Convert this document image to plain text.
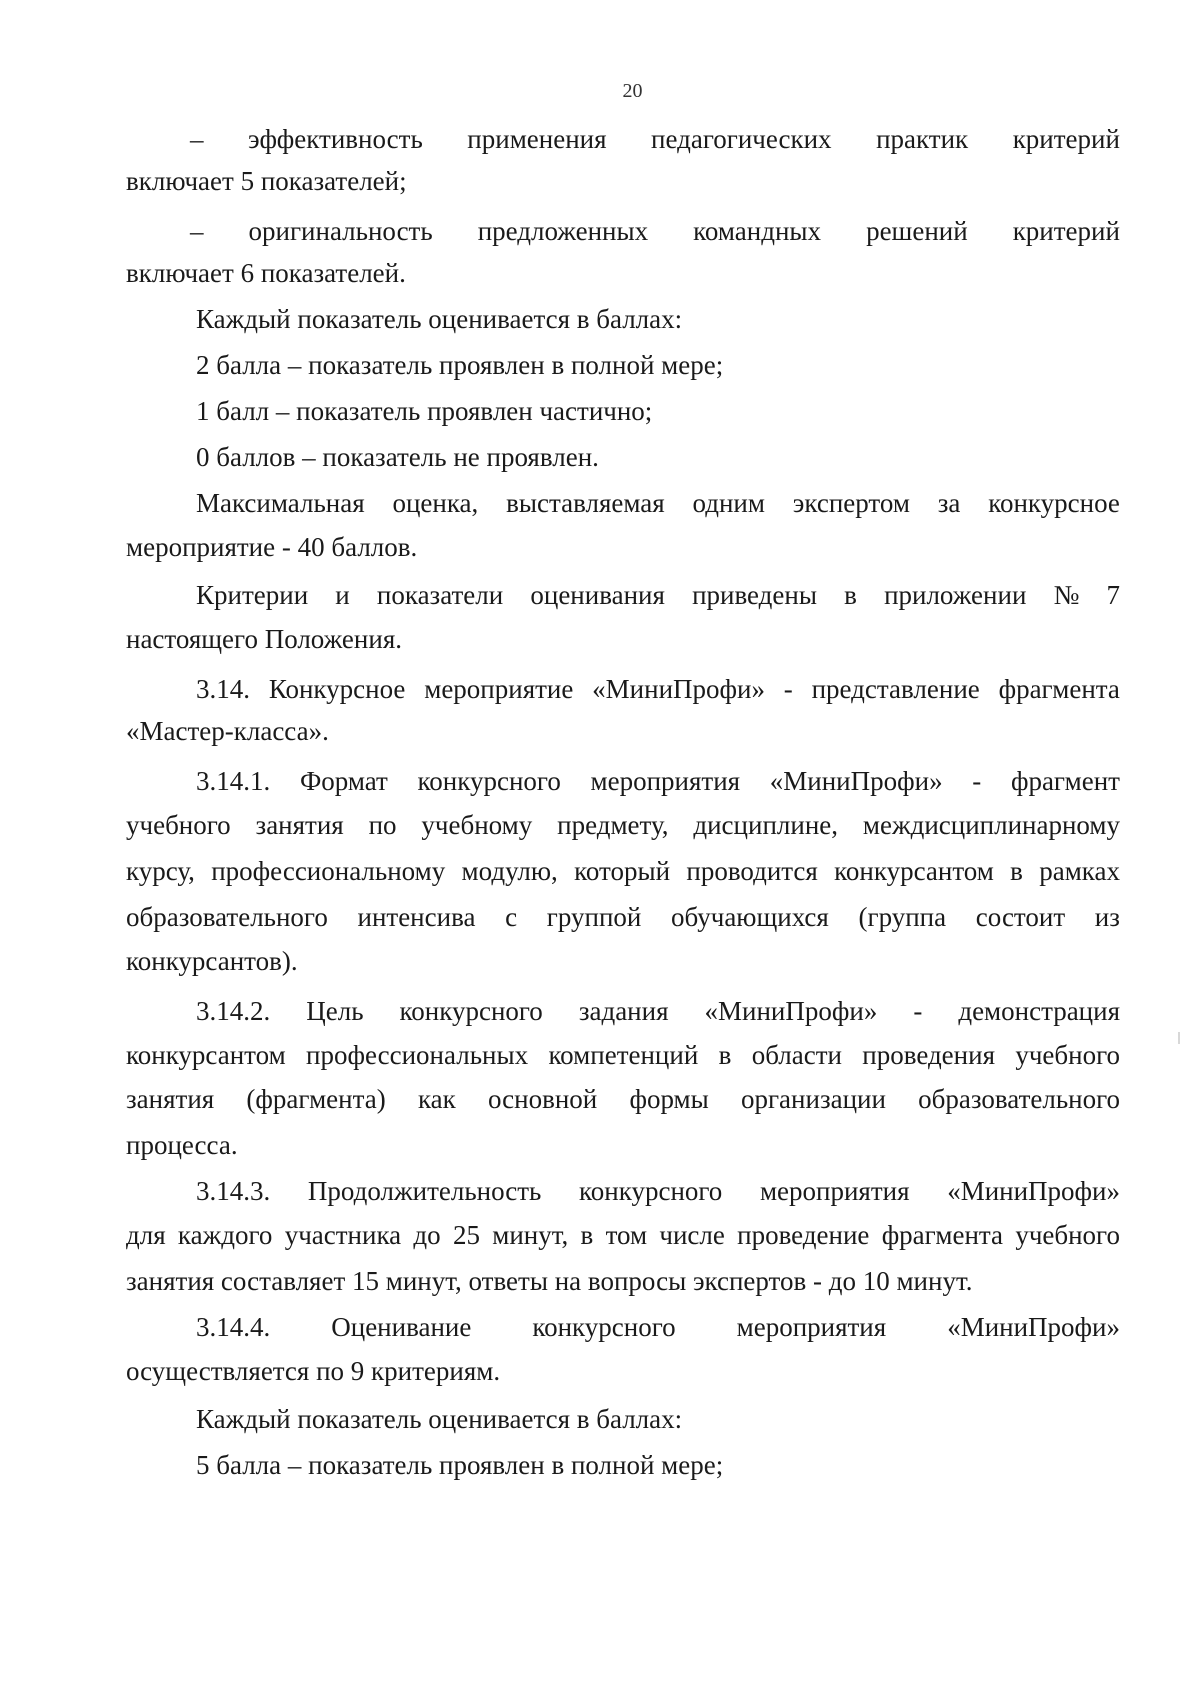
20
– эффективность применения педагогических практик критерий
включает 5 показателей;
– оригинальность предложенных командных решений критерий
включает 6 показателей.
Каждый показатель оценивается в баллах:
2 балла – показатель проявлен в полной мере;
1 балл – показатель проявлен частично;
0 баллов – показатель не проявлен.
Максимальная оценка, выставляемая одним экспертом за конкурсное
мероприятие - 40 баллов.
Критерии и показатели оценивания приведены в приложении № 7
настоящего Положения.
3.14. Конкурсное мероприятие «МиниПрофи» - представление фрагмента
«Мастер-класса».
3.14.1. Формат конкурсного мероприятия «МиниПрофи» - фрагмент
учебного занятия по учебному предмету, дисциплине, междисциплинарному
курсу, профессиональному модулю, который проводится конкурсантом в рамках
образовательного интенсива с группой обучающихся (группа состоит из
конкурсантов).
3.14.2. Цель конкурсного задания «МиниПрофи» - демонстрация
конкурсантом профессиональных компетенций в области проведения учебного
занятия (фрагмента) как основной формы организации образовательного
процесса.
3.14.3. Продолжительность конкурсного мероприятия «МиниПрофи»
для каждого участника до 25 минут, в том числе проведение фрагмента учебного
занятия составляет 15 минут, ответы на вопросы экспертов - до 10 минут.
3.14.4. Оценивание конкурсного мероприятия «МиниПрофи»
осуществляется по 9 критериям.
Каждый показатель оценивается в баллах:
5 балла – показатель проявлен в полной мере;
